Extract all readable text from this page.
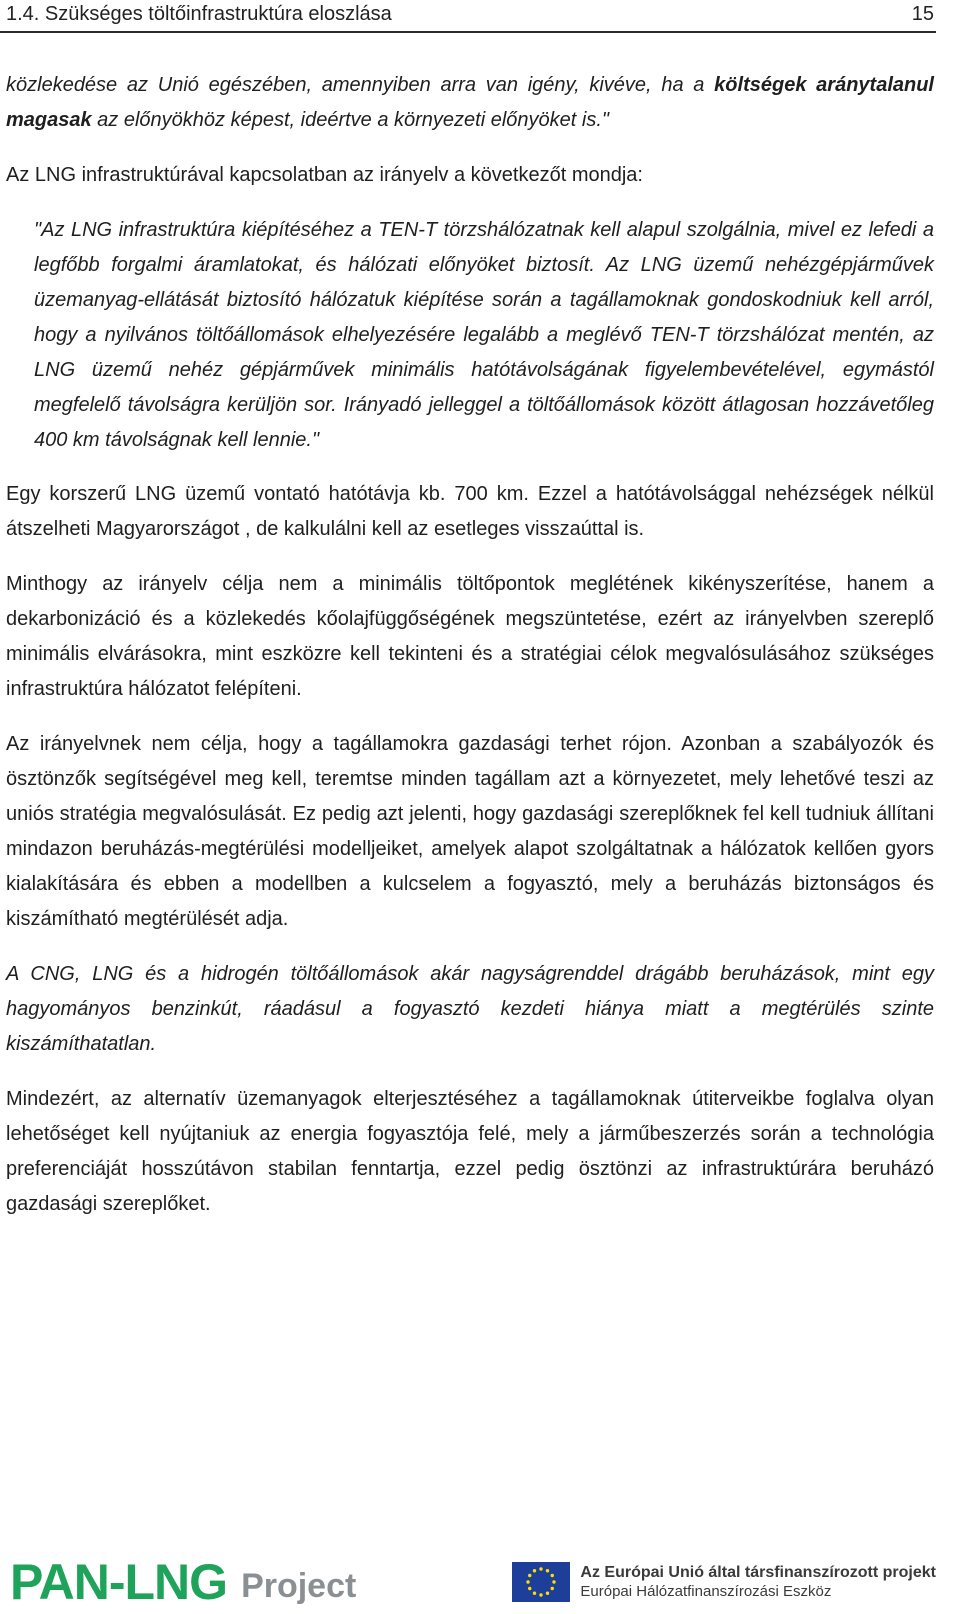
1.4. Szükséges töltőinfrastruktúra eloszlása	15

közlekedése az Unió egészében, amennyiben arra van igény, kivéve, ha a költségek aránytalanul magasak az előnyökhöz képest, ideértve a környezeti előnyöket is."

Az LNG infrastruktúrával kapcsolatban az irányelv a következőt mondja:

"Az LNG infrastruktúra kiépítéséhez a TEN-T törzshálózatnak kell alapul szolgálnia, mivel ez lefedi a legfőbb forgalmi áramlatokat, és hálózati előnyöket biztosít. Az LNG üzemű nehézgépjárművek üzemanyag-ellátását biztosító hálózatuk kiépítése során a tagállamoknak gondoskodniuk kell arról, hogy a nyilvános töltőállomások elhelyezésére legalább a meglévő TEN-T törzshálózat mentén, az LNG üzemű nehéz gépjárművek minimális hatótávolságának figyelembevételével, egymástól megfelelő távolságra kerüljön sor. Irányadó jelleggel a töltőállomások között átlagosan hozzávetőleg 400 km távolságnak kell lennie."

Egy korszerű LNG üzemű vontató hatótávja kb. 700 km. Ezzel a hatótávolsággal nehézségek nélkül átszelheti Magyarországot , de kalkulálni kell az esetleges visszaúttal is.

Minthogy az irányelv célja nem a minimális töltőpontok meglétének kikényszerítése, hanem a dekarbonizáció és a közlekedés kőolajfüggőségének megszüntetése, ezért az irányelvben szereplő minimális elvárásokra, mint eszközre kell tekinteni és a stratégiai célok megvalósulásához szükséges infrastruktúra hálózatot felépíteni.

Az irányelvnek nem célja, hogy a tagállamokra gazdasági terhet rójon. Azonban a szabályozók és ösztönzők segítségével meg kell, teremtse minden tagállam azt a környezetet, mely lehetővé teszi az uniós stratégia megvalósulását. Ez pedig azt jelenti, hogy gazdasági szereplőknek fel kell tudniuk állítani mindazon beruházás-megtérülési modelljeiket, amelyek alapot szolgáltatnak a hálózatok kellően gyors kialakítására és ebben a modellben a kulcselem a fogyasztó, mely a beruházás biztonságos és kiszámítható megtérülését adja.

A CNG, LNG és a hidrogén töltőállomások akár nagyságrenddel drágább beruházások, mint egy hagyományos benzinkút, ráadásul a fogyasztó kezdeti hiánya miatt a megtérülés szinte kiszámíthatatlan.

Mindezért, az alternatív üzemanyagok elterjesztéséhez a tagállamoknak útiterveikbe foglalva olyan lehetőséget kell nyújtaniuk az energia fogyasztója felé, mely a járműbeszerzés során a technológia preferenciáját hosszútávon stabilan fenntartja, ezzel pedig ösztönzi az infrastruktúrára beruházó gazdasági szereplőket.

PAN-LNG Project	Az Európai Unió által társfinanszírozott projekt
Európai Hálózatfinanszírozási Eszköz
